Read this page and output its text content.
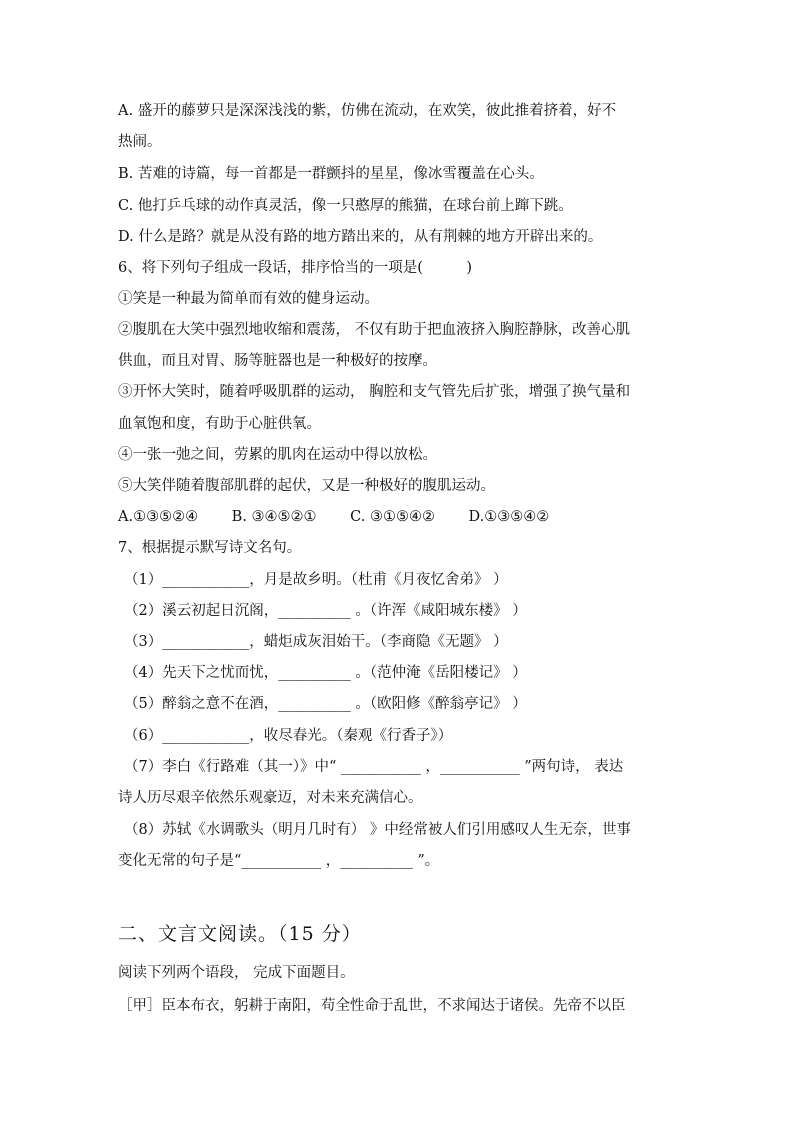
A. 盛开的藤萝只是深深浅浅的紫，仿佛在流动，在欢笑，彼此推着挤着，好不
热闹。
B. 苦难的诗篇，每一首都是一群颤抖的星星，像冰雪覆盖在心头。
C. 他打乒乓球的动作真灵活，像一只憨厚的熊猫，在球台前上蹿下跳。
D. 什么是路？就是从没有路的地方踏出来的，从有荆棘的地方开辟出来的。
6、将下列句子组成一段话，排序恰当的一项是(　　　)
①笑是一种最为简单而有效的健身运动。
②腹肌在大笑中强烈地收缩和震荡， 不仅有助于把血液挤入胸腔静脉，改善心肌
供血，而且对胃、肠等脏器也是一种极好的按摩。
③开怀大笑时，随着呼吸肌群的运动， 胸腔和支气管先后扩张，增强了换气量和
血氧饱和度，有助于心脏供氧。
④一张一弛之间，劳累的肌肉在运动中得以放松。
⑤大笑伴随着腹部肌群的起伏，又是一种极好的腹肌运动。
A.①③⑤②④　　 B. ③④⑤②①　　 C. ③①⑤④②　　 D.①③⑤④②
7、根据提示默写诗文名句。
（1）____________，月是故乡明。（杜甫《月夜忆舍弟》 ）
（2）溪云初起日沉阁，__________ 。（许浑《咸阳城东楼》 ）
（3）____________，蜡炬成灰泪始干。（李商隐《无题》 ）
（4）先天下之忧而忧，__________ 。（范仲淹《岳阳楼记》 ）
（5）醉翁之意不在酒，__________ 。（欧阳修《醉翁亭记》 ）
（6）____________，收尽春光。（秦观《行香子》）
（7）李白《行路难（其一）》中“ ___________ ，___________ ”两句诗， 表达
诗人历尽艰辛依然乐观豪迈，对未来充满信心。
（8）苏轼《水调歌头（明月几时有） 》中经常被人们引用感叹人生无奈，世事
变化无常的句子是“___________ ，__________ ”。
二、文言文阅读。（15 分）
阅读下列两个语段， 完成下面题目。
［甲］臣本布衣，躬耕于南阳，苟全性命于乱世，不求闻达于诸侯。先帝不以臣
